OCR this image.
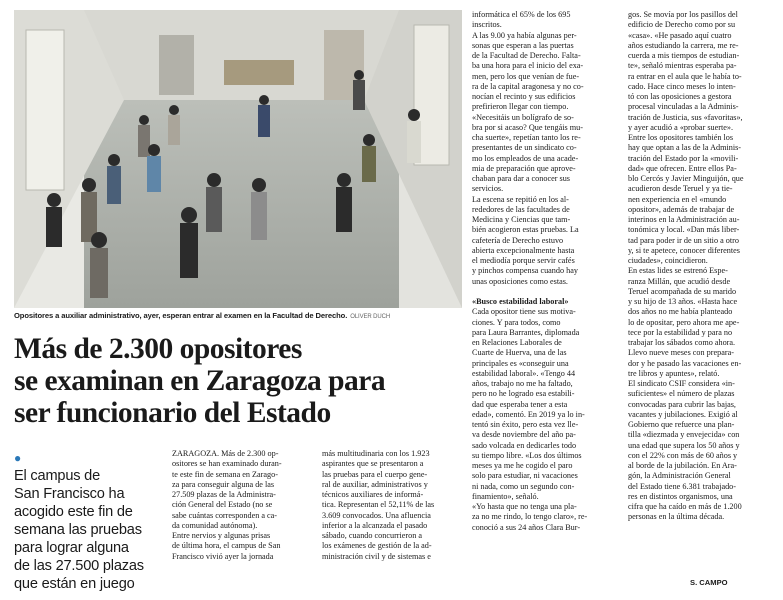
Opositores a auxiliar administrativo, ayer, esperan entrar al examen en la Facultad de Derecho. OLIVER DUCH
Más de 2.300 opositores
se examinan en Zaragoza para
ser funcionario del Estado
●
El campus de
San Francisco ha
acogido este fin de
semana las pruebas
para lograr alguna
de las 27.500 plazas
que están en juego
ZARAGOZA. Más de 2.300 op-
ositores se han examinado duran-
te este fin de semana en Zarago-
za para conseguir alguna de las
27.509 plazas de la Administra-
ción General del Estado (no se
sabe cuántas corresponden a ca-
da comunidad autónoma).
Entre nervios y algunas prisas
de última hora, el campus de San
Francisco vivió ayer la jornada
más multitudinaria con los 1.923
aspirantes que se presentaron a
las pruebas para el cuerpo gene-
ral de auxiliar, administrativos y
técnicos auxiliares de informá-
tica. Representan el 52,11% de las
3.609 convocados. Una afluencia
inferior a la alcanzada el pasado
sábado, cuando concurrieron a
los exámenes de gestión de la ad-
ministración civil y de sistemas e
informática el 65% de los 695
inscritos.
A las 9.00 ya había algunas per-
sonas que esperan a las puertas
de la Facultad de Derecho. Falta-
ba una hora para el inicio del exa-
men, pero los que venían de fue-
ra de la capital aragonesa y no co-
nocían el recinto y sus edificios
prefirieron llegar con tiempo.
«Necesitáis un bolígrafo de so-
bra por si acaso? Que tengáis mu-
cha suerte», repetían tanto los re-
presentantes de un sindicato co-
mo los empleados de una acade-
mia de preparación que aprove-
chaban para dar a conocer sus
servicios.
La escena se repitió en los al-
rededores de las facultades de
Medicina y Ciencias que tam-
bién acogieron estas pruebas. La
cafetería de Derecho estuvo
abierta excepcionalmente hasta
el mediodía porque servir cafés
y pinchos compensa cuando hay
unas oposiciones como estas.

«Busco estabilidad laboral»
Cada opositor tiene sus motiva-
ciones. Y para todos, como
para Laura Barrantes, diplomada
en Relaciones Laborales de
Cuarte de Huerva, una de las
principales es «conseguir una
estabilidad laboral». «Tengo 44
años, trabajo no me ha faltado,
pero no he logrado esa estabili-
dad que esperaba tener a esta
edad», comentó. En 2019 ya lo in-
tentó sin éxito, pero esta vez lle-
va desde noviembre del año pa-
sado volcada en dedicarles todo
su tiempo libre. «Los dos últimos
meses ya me he cogido el paro
solo para estudiar, ni vacaciones
ni nada, como un segundo con-
finamiento», señaló.
«Yo hasta que no tenga una pla-
za no me rindo, lo tengo claro», re-
conoció a sus 24 años Clara Bur-
gos. Se movía por los pasillos del
edificio de Derecho como por su
«casa». «He pasado aquí cuatro
años estudiando la carrera, me re-
cuerda a mis tiempos de estudian-
te», señaló mientras esperaba pa-
ra entrar en el aula que le había to-
cado. Hace cinco meses lo inten-
tó con las oposiciones a gestora
procesal vinculadas a la Adminis-
tración de Justicia, sus «favoritas»,
y ayer acudió a «probar suerte».
Entre los opositores también los
hay que optan a las de la Adminis-
tración del Estado por la «movili-
dad» que ofrecen. Entre ellos Pa-
blo Cercós y Javier Minguijón, que
acudieron desde Teruel y ya tie-
nen experiencia en el «mundo
opositor», además de trabajar de
interinos en la Administración au-
tonómica y local. «Dan más liber-
tad para poder ir de un sitio a otro
y, si te apetece, conocer diferentes
ciudades», coincidieron.
En estas lides se estrenó Espe-
ranza Millán, que acudió desde
Teruel acompañada de su marido
y su hijo de 13 años. «Hasta hace
dos años no me había planteado
lo de opositar, pero ahora me ape-
tece por la estabilidad y para no
trabajar los sábados como ahora.
Llevo nueve meses con prepara-
dor y he pasado las vacaciones en-
tre libros y apuntes», relató.
El sindicato CSIF considera «in-
suficientes» el número de plazas
convocadas para cubrir las bajas,
vacantes y jubilaciones. Exigió al
Gobierno que refuerce una plan-
tilla «diezmada y envejecida» con
una edad que supera los 50 años y
con el 22% con más de 60 años y
al borde de la jubilación. En Ara-
gón, la Administración General
del Estado tiene 6.381 trabajado-
res en distintos organismos, una
cifra que ha caído en más de 1.200
personas en la última década.
S. CAMPO
